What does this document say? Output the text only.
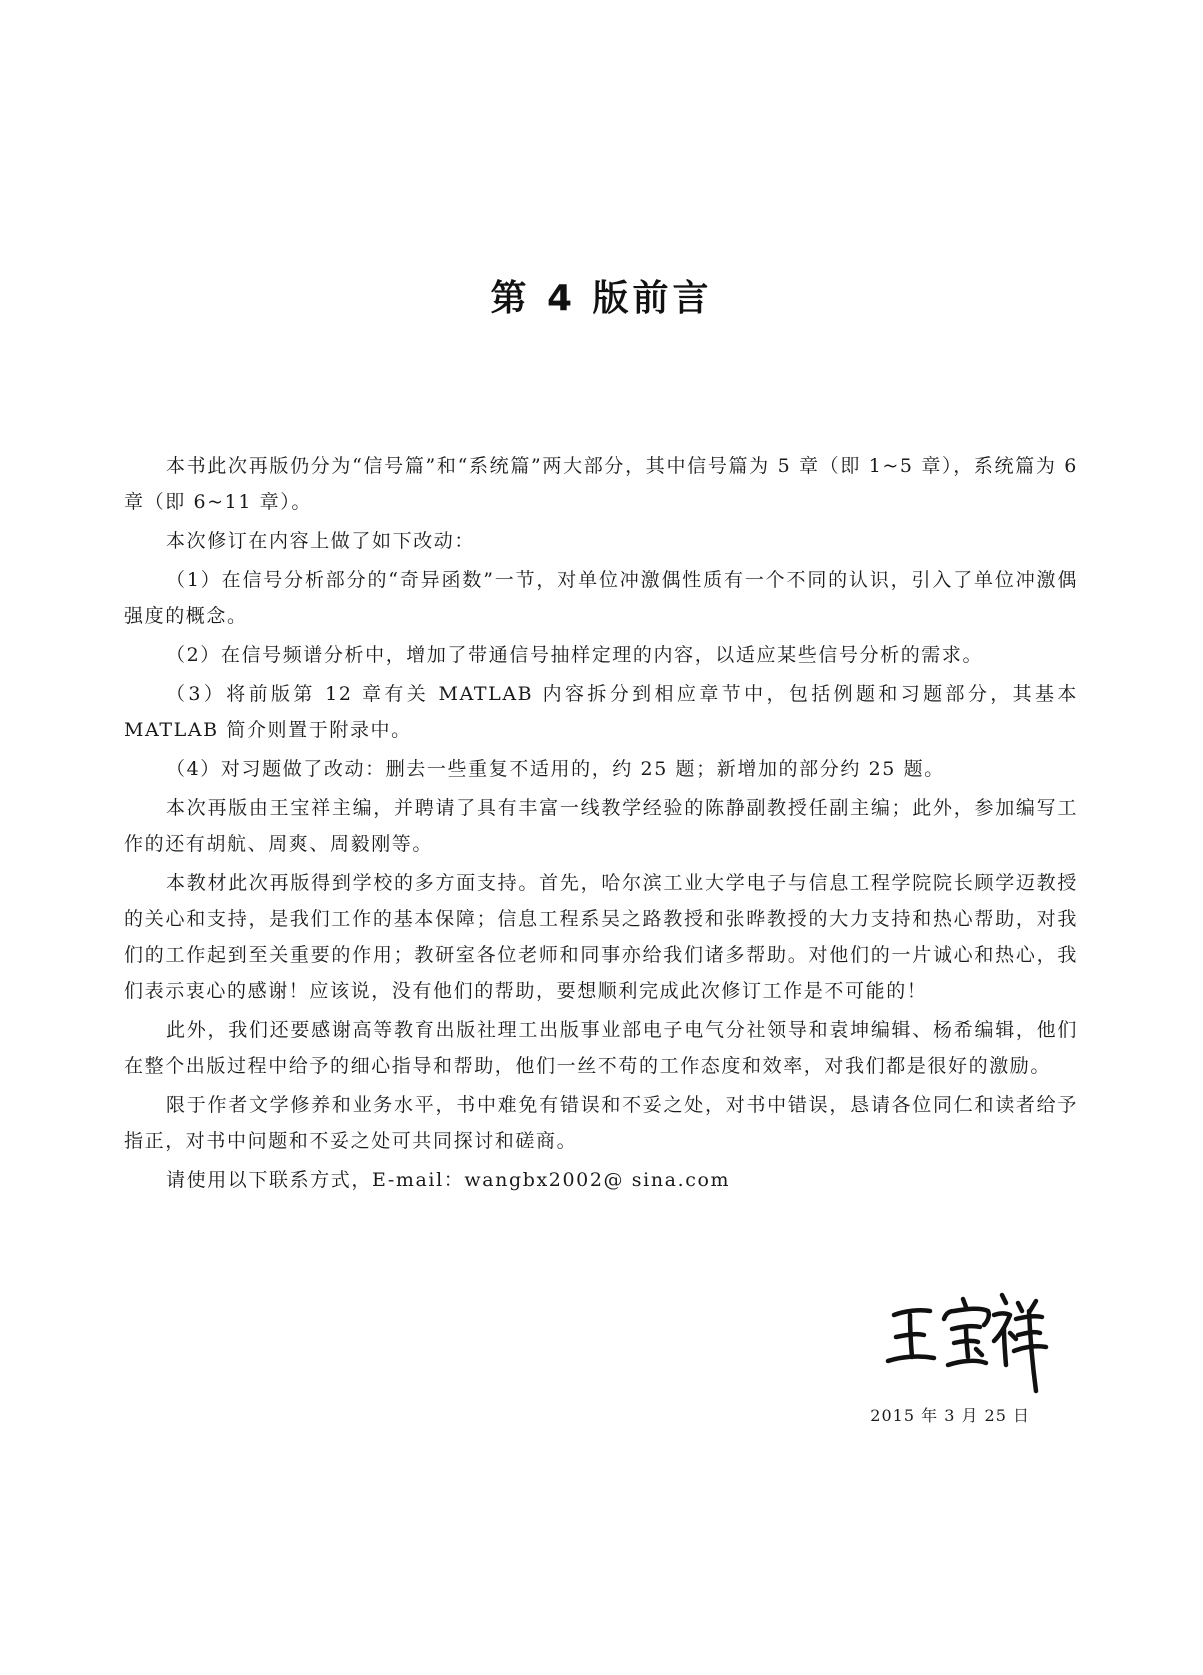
第 4 版前言

本书此次再版仍分为“信号篇”和“系统篇”两大部分，其中信号篇为 5 章（即 1~5 章），系统篇为 6 章（即 6~11 章）。

本次修订在内容上做了如下改动：

（1）在信号分析部分的“奇异函数”一节，对单位冲激偶性质有一个不同的认识，引入了单位冲激偶强度的概念。

（2）在信号频谱分析中，增加了带通信号抽样定理的内容，以适应某些信号分析的需求。

（3）将前版第 12 章有关 MATLAB 内容拆分到相应章节中，包括例题和习题部分，其基本 MATLAB 简介则置于附录中。

（4）对习题做了改动：删去一些重复不适用的，约 25 题；新增加的部分约 25 题。

本次再版由王宝祥主编，并聘请了具有丰富一线教学经验的陈静副教授任副主编；此外，参加编写工作的还有胡航、周爽、周毅刚等。

本教材此次再版得到学校的多方面支持。首先，哈尔滨工业大学电子与信息工程学院院长顾学迈教授的关心和支持，是我们工作的基本保障；信息工程系吴之路教授和张晔教授的大力支持和热心帮助，对我们的工作起到至关重要的作用；教研室各位老师和同事亦给我们诸多帮助。对他们的一片诚心和热心，我们表示衷心的感谢！应该说，没有他们的帮助，要想顺利完成此次修订工作是不可能的！

此外，我们还要感谢高等教育出版社理工出版事业部电子电气分社领导和袁坤编辑、杨希编辑，他们在整个出版过程中给予的细心指导和帮助，他们一丝不苟的工作态度和效率，对我们都是很好的激励。

限于作者文学修养和业务水平，书中难免有错误和不妥之处，对书中错误，恳请各位同仁和读者给予指正，对书中问题和不妥之处可共同探讨和磋商。

请使用以下联系方式，E-mail：wangbx2002@ sina.com

2015 年 3 月 25 日
